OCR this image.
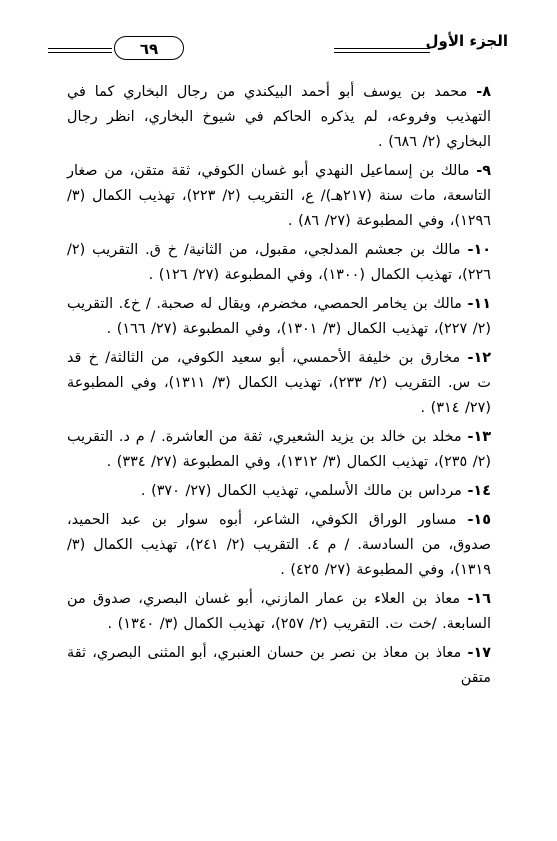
الجزء الأول
٦٩

٨- محمد بن يوسف أبو أحمد البيكندي من رجال البخاري كما في التهذيب وفروعه، لم يذكره الحاكم في شيوخ البخاري، انظر رجال البخاري (٢/ ٦٨٦) .

٩- مالك بن إسماعيل النهدي أبو غسان الكوفي، ثقة متقن، من صغار التاسعة، مات سنة (٢١٧هـ)/ ع، التقريب (٢/ ٢٢٣)، تهذيب الكمال (٣/ ١٢٩٦)، وفي المطبوعة (٢٧/ ٨٦) .

١٠- مالك بن جعشم المدلجي، مقبول، من الثانية/ خ ق. التقريب (٢/ ٢٢٦)، تهذيب الكمال (١٣٠٠)، وفي المطبوعة (٢٧/ ١٢٦) .

١١- مالك بن يخامر الحمصي، مخضرم، ويقال له صحبة. / خ٤. التقريب (٢/ ٢٢٧)، تهذيب الكمال (٣/ ١٣٠١)، وفي المطبوعة (٢٧/ ١٦٦) .

١٢- مخارق بن خليفة الأحمسي، أبو سعيد الكوفي، من الثالثة/ خ قد ت س. التقريب (٢/ ٢٣٣)، تهذيب الكمال (٣/ ١٣١١)، وفي المطبوعة (٢٧/ ٣١٤) .

١٣- مخلد بن خالد بن يزيد الشعيري، ثقة من العاشرة. / م د. التقريب (٢/ ٢٣٥)، تهذيب الكمال (٣/ ١٣١٢)، وفي المطبوعة (٢٧/ ٣٣٤) .

١٤- مرداس بن مالك الأسلمي، تهذيب الكمال (٢٧/ ٣٧٠) .

١٥- مساور الوراق الكوفي، الشاعر، أبوه سوار بن عبد الحميد، صدوق، من السادسة. / م ٤. التقريب (٢/ ٢٤١)، تهذيب الكمال (٣/ ١٣١٩)، وفي المطبوعة (٢٧/ ٤٢٥) .

١٦- معاذ بن العلاء بن عمار المازني، أبو غسان البصري، صدوق من السابعة. /خت ت. التقريب (٢/ ٢٥٧)، تهذيب الكمال (٣/ ١٣٤٠) .

١٧- معاذ بن معاذ بن نصر بن حسان العنبري، أبو المثنى البصري، ثقة متقن
